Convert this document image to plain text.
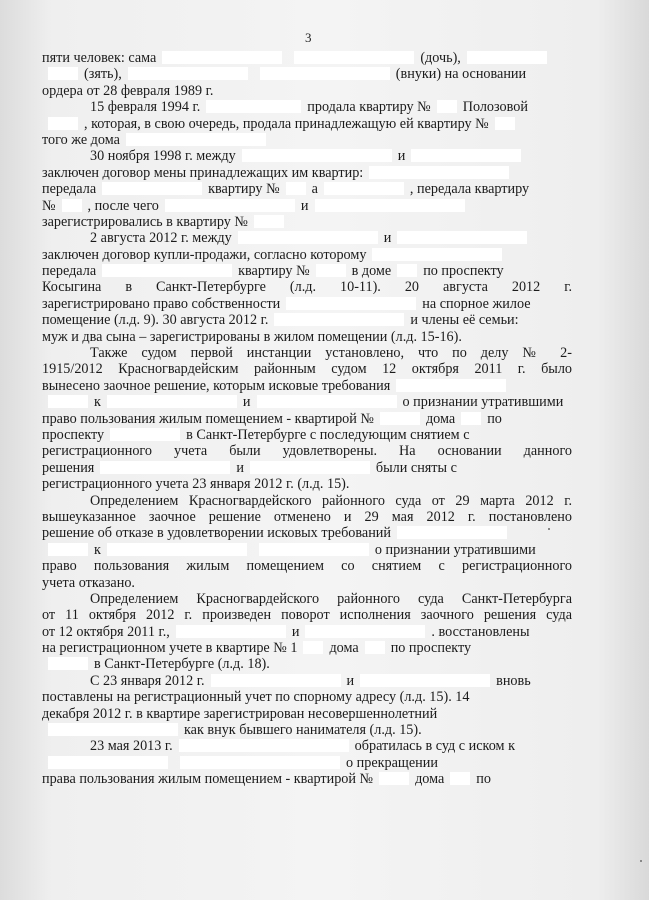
3
пяти человек: сама	(дочь),
(зять),	(внуки) на основании
ордера от 28 февраля 1989 г.
15 февраля 1994 г.	продала квартиру № Полозовой
, которая, в свою очередь, продала принадлежащую ей квартиру №
того же дома
30 ноября 1998 г. между	и
заключен договор мены принадлежащих им квартир:
передала	квартиру № а	, передала квартиру
№ , после чего	и
зарегистрировались в квартиру №
2 августа 2012 г. между	и
заключен договор купли-продажи, согласно которому
передала	квартиру №	в доме по проспекту
Косыгина в Санкт-Петербурге (л.д. 10-11). 20 августа 2012 г.
зарегистрировано право собственности	на спорное жилое
помещение (л.д. 9). 30 августа 2012 г.	и члены её семьи:
муж и два сына – зарегистрированы в жилом помещении (л.д. 15-16).
Также судом первой инстанции установлено, что по делу № 2-
1915/2012 Красногвардейским районным судом 12 октября 2011 г. было
вынесено заочное решение, которым исковые требования
к	и	о признании утратившими
право пользования жилым помещением - квартирой №	дома по
проспекту	в Санкт-Петербурге с последующим снятием с
регистрационного учета были удовлетворены. На основании данного
решения	и	были сняты с
регистрационного учета 23 января 2012 г. (л.д. 15).
Определением Красногвардейского районного суда от 29 марта 2012 г.
вышеуказанное заочное решение отменено и 29 мая 2012 г. постановлено
решение об отказе в удовлетворении исковых требований
к	о признании утратившими
право пользования жилым помещением со снятием с регистрационного
учета отказано.
Определением Красногвардейского районного суда Санкт-Петербурга
от 11 октября 2012 г. произведен поворот исполнения заочного решения суда
от 12 октября 2011 г.,	и	. восстановлены
на регистрационном учете в квартире № 1 дома по проспекту
в Санкт-Петербурге (л.д. 18).
С 23 января 2012 г.	и	вновь
поставлены на регистрационный учет по спорному адресу (л.д. 15). 14
декабря 2012 г. в квартире зарегистрирован несовершеннолетний
как внук бывшего нанимателя (л.д. 15).
23 мая 2013 г.	обратилась в суд с иском к
о прекращении
права пользования жилым помещением - квартирой №	дома по
